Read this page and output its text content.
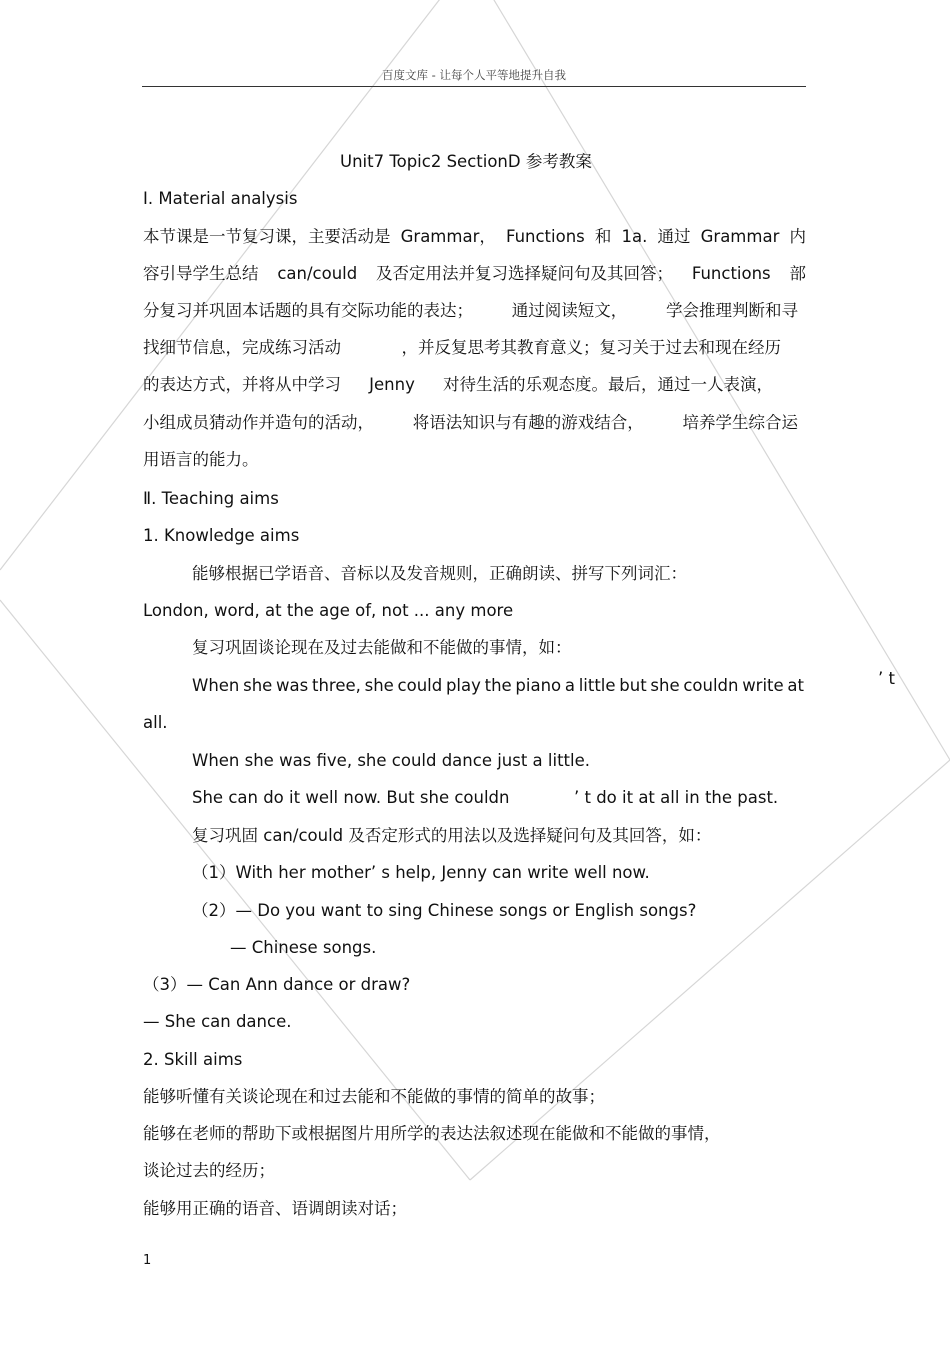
百度文库 - 让每个人平等地提升自我

Unit7 Topic2 SectionD 参考教案

Ⅰ. Material analysis

本节课是一节复习课，主要活动是 Grammar， Functions 和 1a. 通过 Grammar 内
容引导学生总结 can/could 及否定用法并复习选择疑问句及其回答； Functions 部
分复习并巩固本话题的具有交际功能的表达； 通过阅读短文， 学会推理判断和寻
找细节信息，完成练习活动	，并反复思考其教育意义；复习关于过去和现在经历
的表达方式，并将从中学习 Jenny 对待生活的乐观态度。最后，通过一人表演，
小组成员猜动作并造句的活动， 将语法知识与有趣的游戏结合， 培养学生综合运

用语言的能力。

Ⅱ. Teaching aims

1. Knowledge aims

能够根据已学语音、音标以及发音规则，正确朗读、拼写下列词汇：

London, word, at the age of, not ... any more

复习巩固谈论现在及过去能做和不能做的事情，如：

When she was three, she could play the piano a little but she couldn write at	’ t

all.

When she was five, she could dance just a little.

She can do it well now. But she couldn	’ t do it at all in the past.

复习巩固 can/could 及否定形式的用法以及选择疑问句及其回答，如：

（1）With her mother’ s help, Jenny can write well now.

（2）— Do you want to sing Chinese songs or English songs?

— Chinese songs.

（3）— Can Ann dance or draw?

— She can dance.

2. Skill aims

能够听懂有关谈论现在和过去能和不能做的事情的简单的故事；

能够在老师的帮助下或根据图片用所学的表达法叙述现在能做和不能做的事情，

谈论过去的经历；

能够用正确的语音、语调朗读对话；

1
